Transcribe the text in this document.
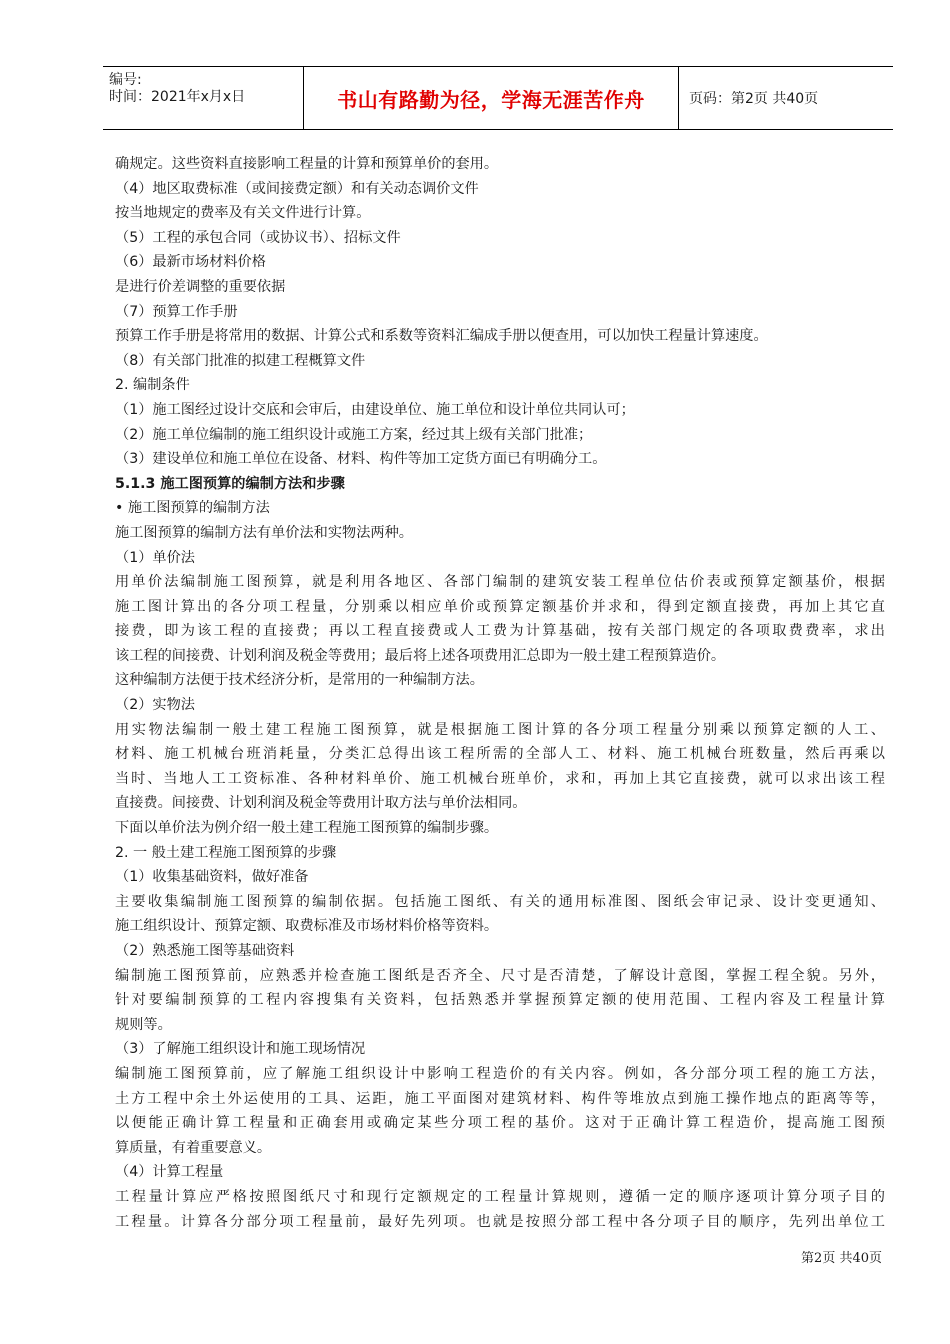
编号:
时间：2021年x月x日	书山有路勤为径，学海无涯苦作舟	页码：第2页 共40页
确规定。这些资料直接影响工程量的计算和预算单价的套用。
（4）地区取费标准（或间接费定额）和有关动态调价文件
按当地规定的费率及有关文件进行计算。
（5）工程的承包合同（或协议书）、招标文件
（6）最新市场材料价格
是进行价差调整的重要依据
（7）预算工作手册
预算工作手册是将常用的数据、计算公式和系数等资料汇编成手册以便查用，可以加快工程量计算速度。
（8）有关部门批准的拟建工程概算文件
2. 编制条件
（1）施工图经过设计交底和会审后，由建设单位、施工单位和设计单位共同认可；
（2）施工单位编制的施工组织设计或施工方案，经过其上级有关部门批准；
（3）建设单位和施工单位在设备、材料、构件等加工定货方面已有明确分工。
5.1.3 施工图预算的编制方法和步骤
• 施工图预算的编制方法
施工图预算的编制方法有单价法和实物法两种。
（1）单价法
用单价法编制施工图预算，就是利用各地区、各部门编制的建筑安装工程单位估价表或预算定额基价，根据
施工图计算出的各分项工程量，分别乘以相应单价或预算定额基价并求和，得到定额直接费，再加上其它直
接费，即为该工程的直接费；再以工程直接费或人工费为计算基础，按有关部门规定的各项取费费率，求出
该工程的间接费、计划利润及税金等费用；最后将上述各项费用汇总即为一般土建工程预算造价。
这种编制方法便于技术经济分析，是常用的一种编制方法。
（2）实物法
用实物法编制一般土建工程施工图预算，就是根据施工图计算的各分项工程量分别乘以预算定额的人工、
材料、施工机械台班消耗量，分类汇总得出该工程所需的全部人工、材料、施工机械台班数量，然后再乘以
当时、当地人工工资标准、各种材料单价、施工机械台班单价，求和，再加上其它直接费，就可以求出该工程
直接费。间接费、计划利润及税金等费用计取方法与单价法相同。
下面以单价法为例介绍一般土建工程施工图预算的编制步骤。
2. 一 般土建工程施工图预算的步骤
（1）收集基础资料，做好准备
主要收集编制施工图预算的编制依据。包括施工图纸、有关的通用标准图、图纸会审记录、设计变更通知、
施工组织设计、预算定额、取费标准及市场材料价格等资料。
（2）熟悉施工图等基础资料
编制施工图预算前，应熟悉并检查施工图纸是否齐全、尺寸是否清楚，了解设计意图，掌握工程全貌。另外，
针对要编制预算的工程内容搜集有关资料，包括熟悉并掌握预算定额的使用范围、工程内容及工程量计算
规则等。
（3）了解施工组织设计和施工现场情况
编制施工图预算前，应了解施工组织设计中影响工程造价的有关内容。例如，各分部分项工程的施工方法，
土方工程中余土外运使用的工具、运距，施工平面图对建筑材料、构件等堆放点到施工操作地点的距离等等，
以便能正确计算工程量和正确套用或确定某些分项工程的基价。这对于正确计算工程造价，提高施工图预
算质量，有着重要意义。
（4）计算工程量
工程量计算应严格按照图纸尺寸和现行定额规定的工程量计算规则，遵循一定的顺序逐项计算分项子目的
工程量。计算各分部分项工程量前，最好先列项。也就是按照分部工程中各分项子目的顺序，先列出单位工
第2页 共40页
